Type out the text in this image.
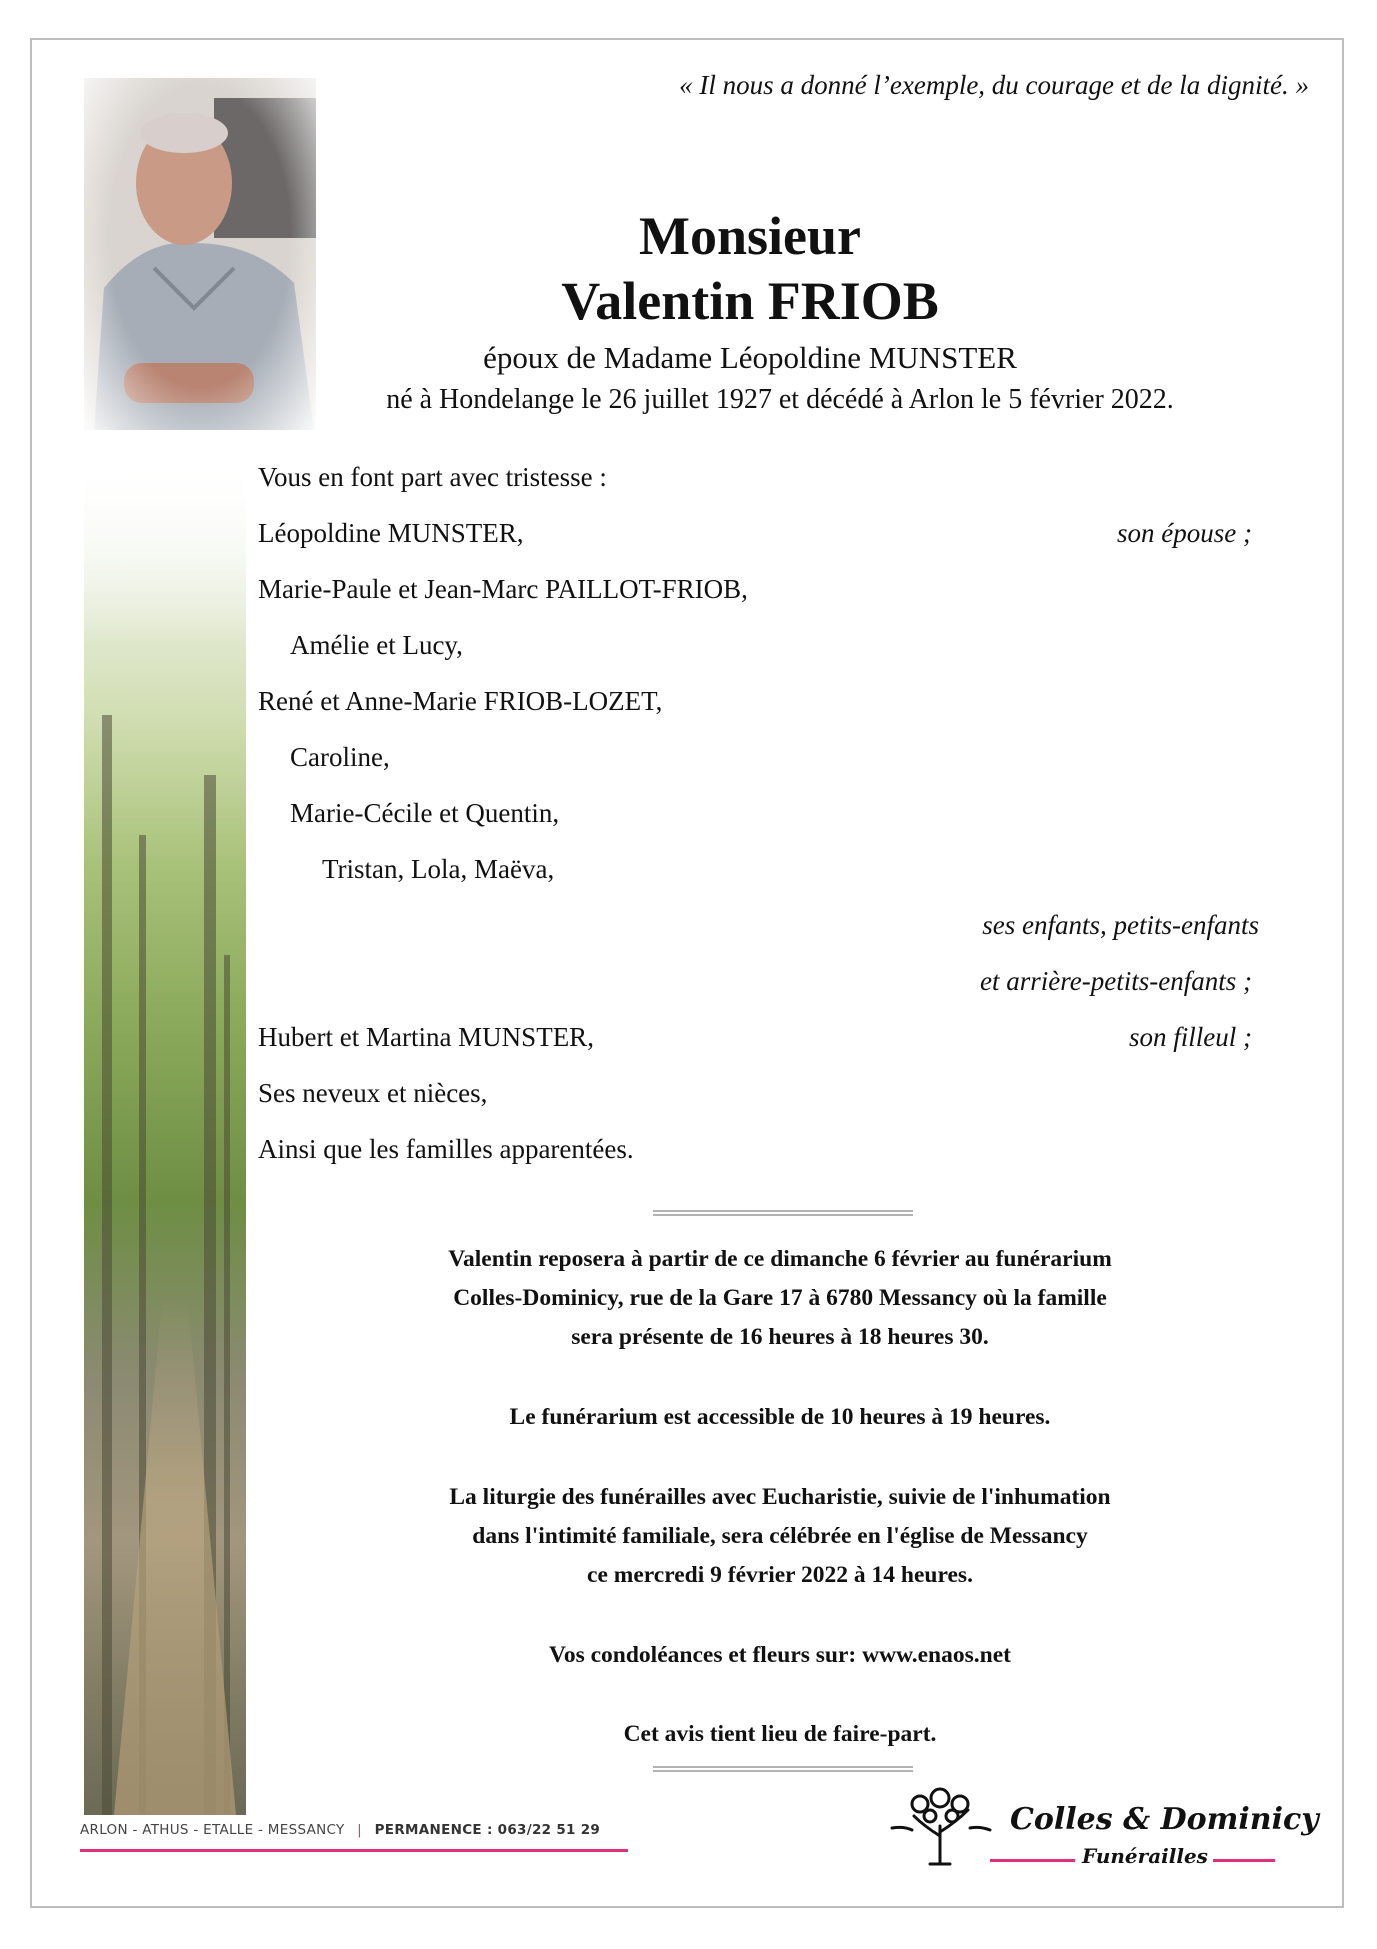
« Il nous a donné l’exemple, du courage et de la dignité. »
Monsieur
Valentin FRIOB
époux de Madame Léopoldine MUNSTER
né à Hondelange le 26 juillet 1927 et décédé à Arlon le 5 février 2022.
Vous en font part avec tristesse :
Léopoldine MUNSTER,
Marie-Paule et Jean-Marc PAILLOT-FRIOB,
Amélie et Lucy,
René et Anne-Marie FRIOB-LOZET,
Caroline,
Marie-Cécile et Quentin,
Tristan, Lola, Maëva,
Hubert et Martina MUNSTER,
Ses neveux et nièces,
Ainsi que les familles apparentées.
son épouse ;
ses enfants, petits-enfants
et arrière-petits-enfants ;
son filleul ;
Valentin reposera à partir de ce dimanche 6 février au funérarium
Colles-Dominicy, rue de la Gare 17 à 6780 Messancy où la famille
sera présente de 16 heures à 18 heures 30.
Le funérarium est accessible de 10 heures à 19 heures.
La liturgie des funérailles avec Eucharistie, suivie de l'inhumation
dans l'intimité familiale, sera célébrée en l'église de Messancy
ce mercredi 9 février 2022 à 14 heures.
Vos condoléances et fleurs sur: www.enaos.net
Cet avis tient lieu de faire-part.
ARLON - ATHUS - ETALLE - MESSANCY | PERMANENCE : 063/22 51 29	Colles & Dominicy
Funérailles
